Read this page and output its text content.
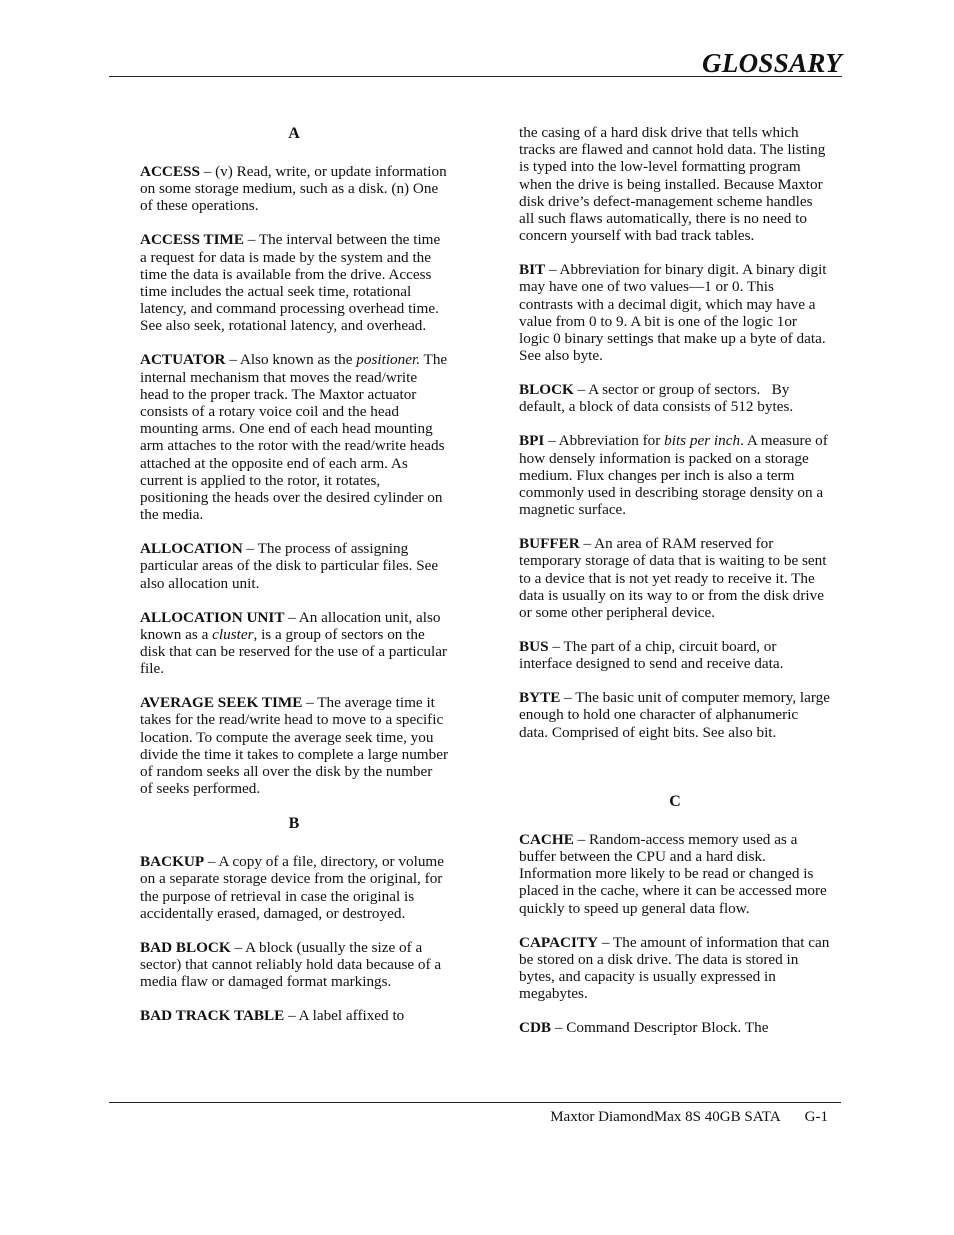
GLOSSARY
A

ACCESS – (v) Read, write, or update information on some storage medium, such as a disk. (n) One of these operations.

ACCESS TIME – The interval between the time a request for data is made by the system and the time the data is available from the drive. Access time includes the actual seek time, rotational latency, and command processing overhead time. See also seek, rotational latency, and overhead.

ACTUATOR – Also known as the positioner. The internal mechanism that moves the read/write head to the proper track. The Maxtor actuator consists of a rotary voice coil and the head mounting arms. One end of each head mounting arm attaches to the rotor with the read/write heads attached at the opposite end of each arm. As current is applied to the rotor, it rotates, positioning the heads over the desired cylinder on the media.

ALLOCATION – The process of assigning particular areas of the disk to particular files. See also allocation unit.

ALLOCATION UNIT – An allocation unit, also known as a cluster, is a group of sectors on the disk that can be reserved for the use of a particular file.

AVERAGE SEEK TIME – The average time it takes for the read/write head to move to a specific location. To compute the average seek time, you divide the time it takes to complete a large number of random seeks all over the disk by the number of seeks performed.

B

BACKUP – A copy of a file, directory, or volume on a separate storage device from the original, for the purpose of retrieval in case the original is accidentally erased, damaged, or destroyed.

BAD BLOCK – A block (usually the size of a sector) that cannot reliably hold data because of a media flaw or damaged format markings.

BAD TRACK TABLE – A label affixed to

the casing of a hard disk drive that tells which tracks are flawed and cannot hold data. The listing is typed into the low-level formatting program when the drive is being installed. Because Maxtor disk drive’s defect-management scheme handles all such flaws automatically, there is no need to concern yourself with bad track tables.

BIT – Abbreviation for binary digit. A binary digit may have one of two values—1 or 0. This contrasts with a decimal digit, which may have a value from 0 to 9. A bit is one of the logic 1or logic 0 binary settings that make up a byte of data. See also byte.

BLOCK – A sector or group of sectors.   By default, a block of data consists of 512 bytes.

BPI – Abbreviation for bits per inch. A measure of how densely information is packed on a storage medium. Flux changes per inch is also a term commonly used in describing storage density on a magnetic surface.

BUFFER – An area of RAM reserved for temporary storage of data that is waiting to be sent to a device that is not yet ready to receive it. The data is usually on its way to or from the disk drive or some other peripheral device.

BUS – The part of a chip, circuit board, or interface designed to send and receive data.

BYTE – The basic unit of computer memory, large enough to hold one character of alphanumeric data. Comprised of eight bits. See also bit.

C

CACHE – Random-access memory used as a buffer between the CPU and a hard disk. Information more likely to be read or changed is placed in the cache, where it can be accessed more quickly to speed up general data flow.

CAPACITY – The amount of information that can be stored on a disk drive. The data is stored in bytes, and capacity is usually expressed in megabytes.

CDB – Command Descriptor Block. The

Maxtor DiamondMax 8S 40GB SATA G-1
